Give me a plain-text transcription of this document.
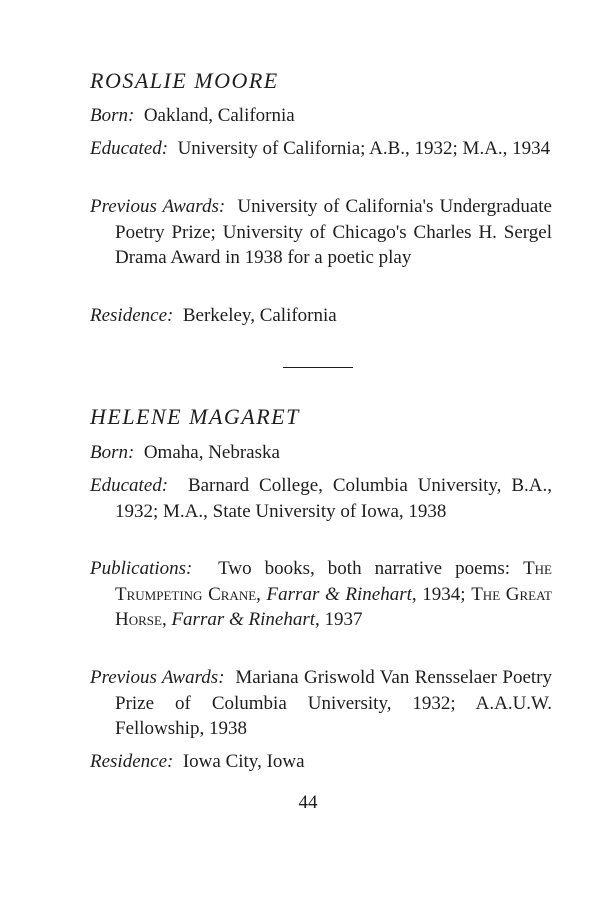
ROSALIE MOORE

Born: Oakland, California

Educated: University of California; A.B., 1932; M.A., 1934

Previous Awards: University of California's Undergraduate Poetry Prize; University of Chicago's Charles H. Sergel Drama Award in 1938 for a poetic play

Residence: Berkeley, California

HELENE MAGARET

Born: Omaha, Nebraska

Educated: Barnard College, Columbia University, B.A., 1932; M.A., State University of Iowa, 1938

Publications: Two books, both narrative poems: The Trumpeting Crane, Farrar & Rinehart, 1934; The Great Horse, Farrar & Rinehart, 1937

Previous Awards: Mariana Griswold Van Rensselaer Poetry Prize of Columbia University, 1932; A.A.U.W. Fellowship, 1938

Residence: Iowa City, Iowa

44
